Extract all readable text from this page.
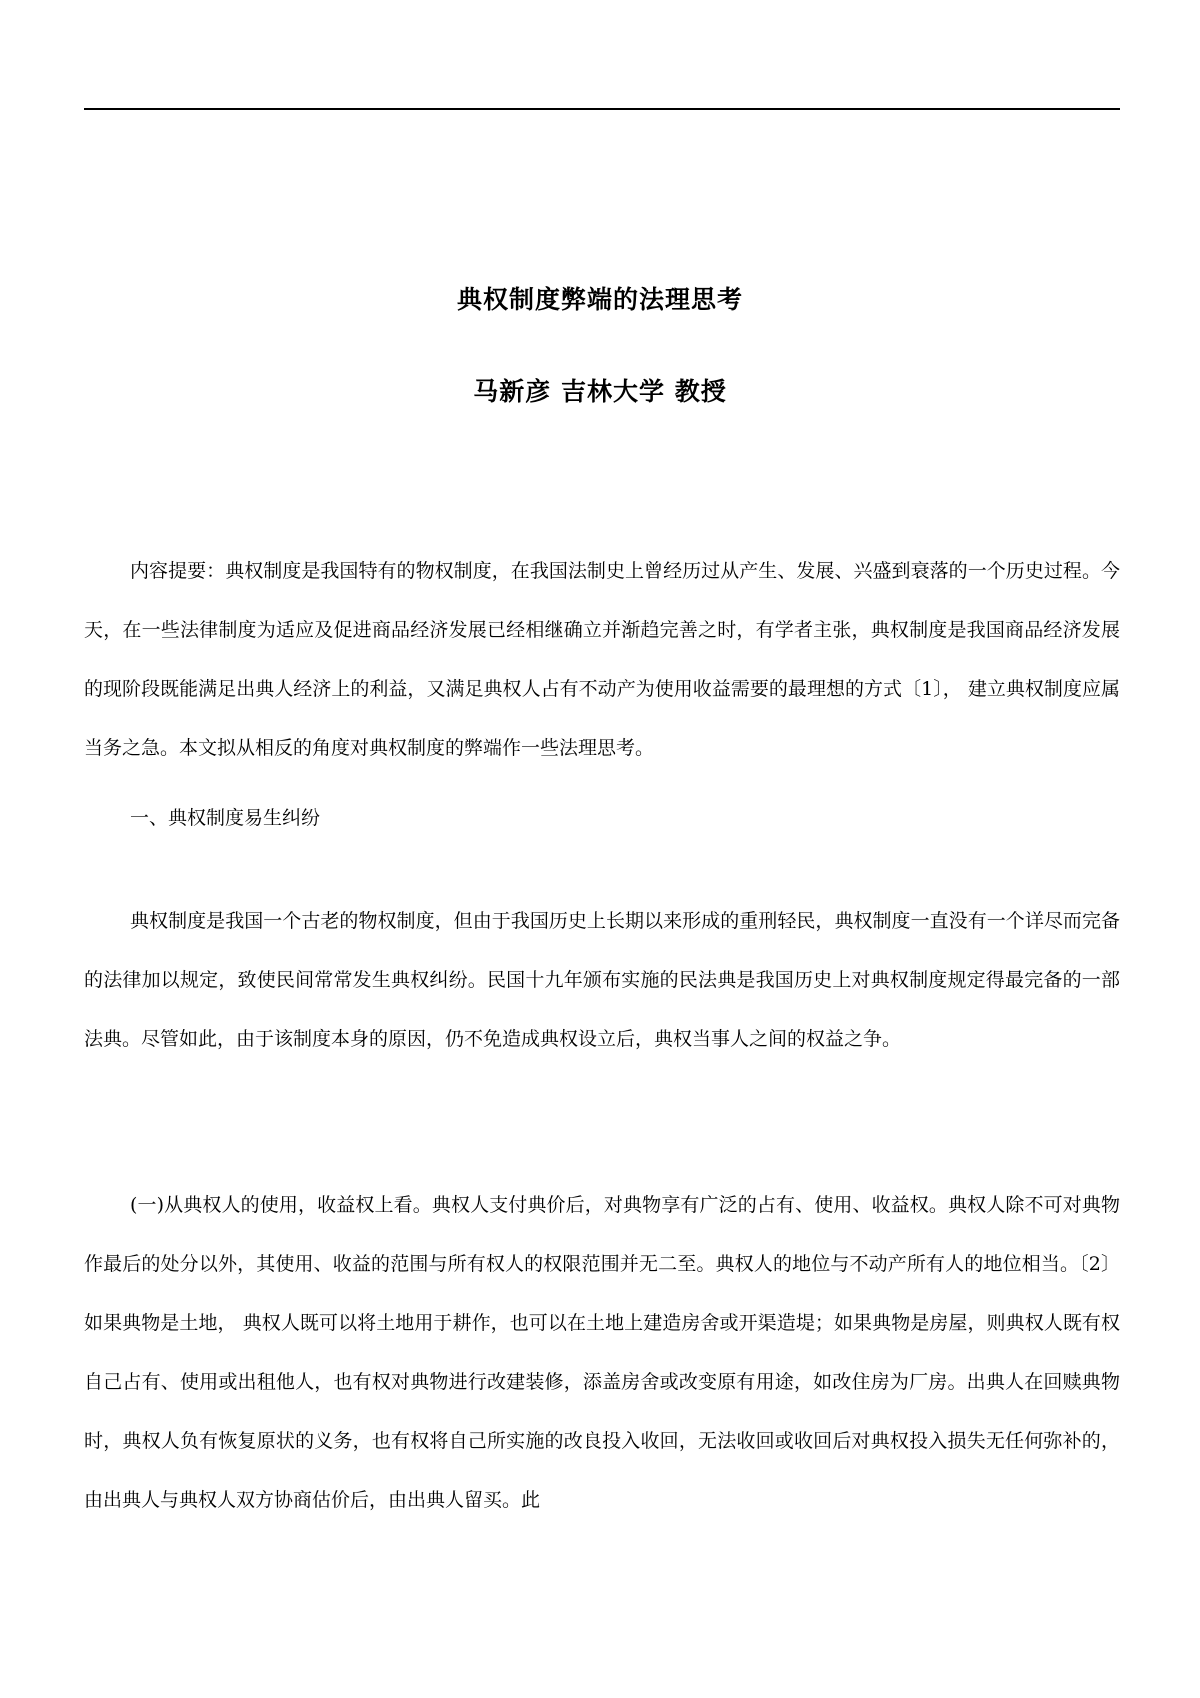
典权制度弊端的法理思考
马新彦 吉林大学 教授

内容提要：典权制度是我国特有的物权制度，在我国法制史上曾经历过从产生、发展、兴盛到衰落的一个历史过程。今天，在一些法律制度为适应及促进商品经济发展已经相继确立并渐趋完善之时，有学者主张，典权制度是我国商品经济发展的现阶段既能满足出典人经济上的利益，又满足典权人占有不动产为使用收益需要的最理想的方式〔1〕， 建立典权制度应属当务之急。本文拟从相反的角度对典权制度的弊端作一些法理思考。

一、典权制度易生纠纷

典权制度是我国一个古老的物权制度，但由于我国历史上长期以来形成的重刑轻民，典权制度一直没有一个详尽而完备的法律加以规定，致使民间常常发生典权纠纷。民国十九年颁布实施的民法典是我国历史上对典权制度规定得最完备的一部法典。尽管如此，由于该制度本身的原因，仍不免造成典权设立后，典权当事人之间的权益之争。

(一)从典权人的使用，收益权上看。典权人支付典价后，对典物享有广泛的占有、使用、收益权。典权人除不可对典物作最后的处分以外，其使用、收益的范围与所有权人的权限范围并无二至。典权人的地位与不动产所有人的地位相当。〔2〕如果典物是土地， 典权人既可以将土地用于耕作，也可以在土地上建造房舍或开渠造堤；如果典物是房屋，则典权人既有权自己占有、使用或出租他人，也有权对典物进行改建装修，添盖房舍或改变原有用途，如改住房为厂房。出典人在回赎典物时，典权人负有恢复原状的义务，也有权将自己所实施的改良投入收回，无法收回或收回后对典权投入损失无任何弥补的，由出典人与典权人双方协商估价后，由出典人留买。此
